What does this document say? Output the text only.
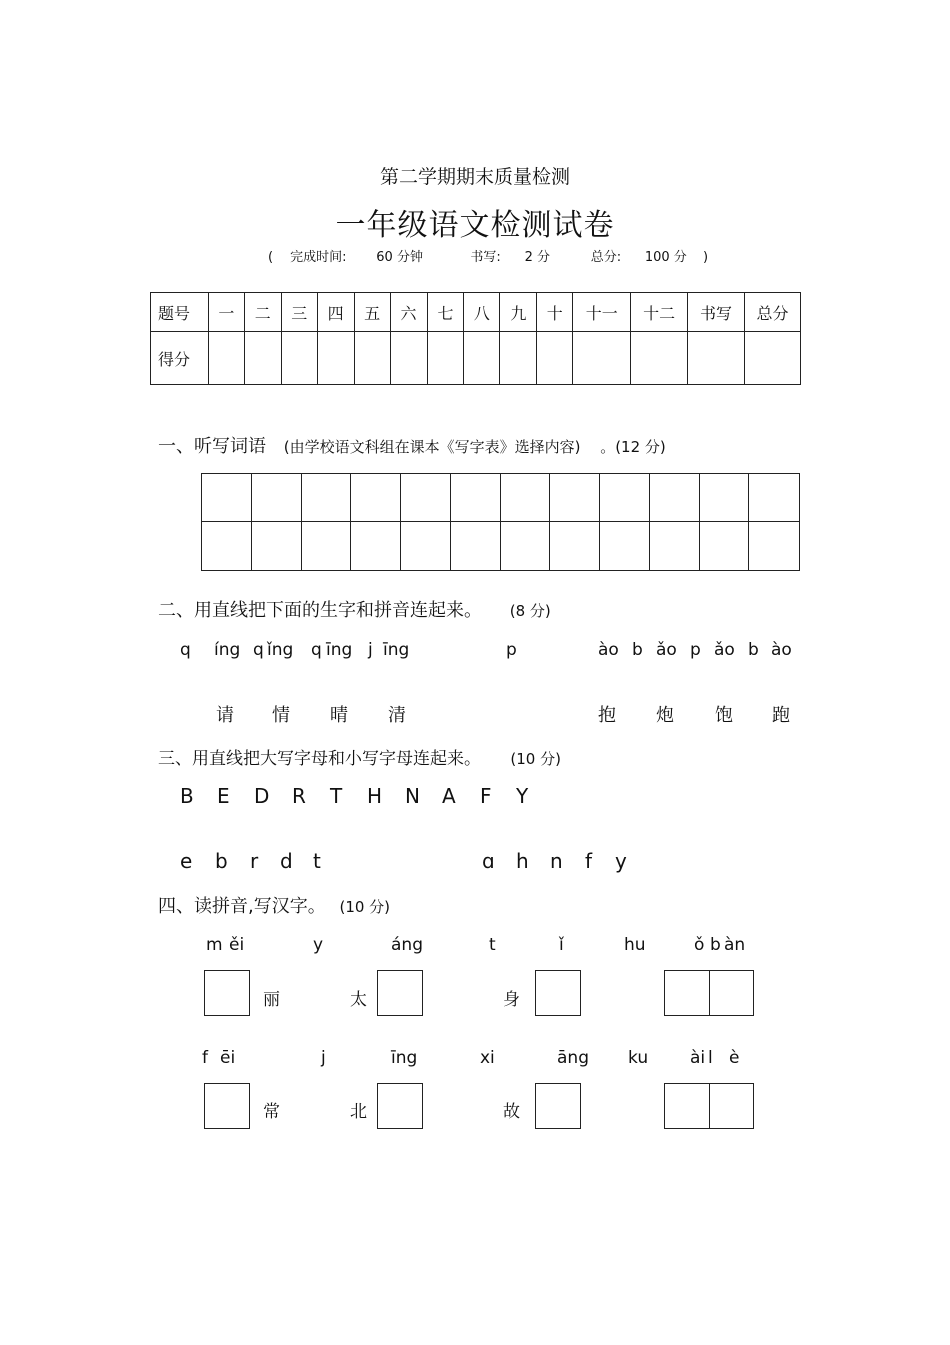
第二学期期末质量检测
一年级语文检测试卷
( 完成时间: 60 分钟	书写: 2 分	总分: 100 分 )
题号	一	二	三	四	五	六	七	八	九	十	十一	十二	书写	总分
得分														
一、听写词语 (由学校语文科组在课本《写字表》选择内容) 。(12 分)
二、用直线把下面的生字和拼音连起来。 (8 分)
q íng q ǐng q īng j īng	p	ào b ǎo p ǎo b ào
请 情 晴 清	抱 炮 饱 跑
三、用直线把大写字母和小写字母连起来。 (10 分)
B E D R T H N A F Y
e b r d t	ɑ h n f y
四、读拼音,写汉字。 (10 分)
m ěi	y	áng	t	ǐ	hu	ǒ b àn
丽	太	身
f ēi	j	īng	xi	āng ku ài l è
常	北	故
